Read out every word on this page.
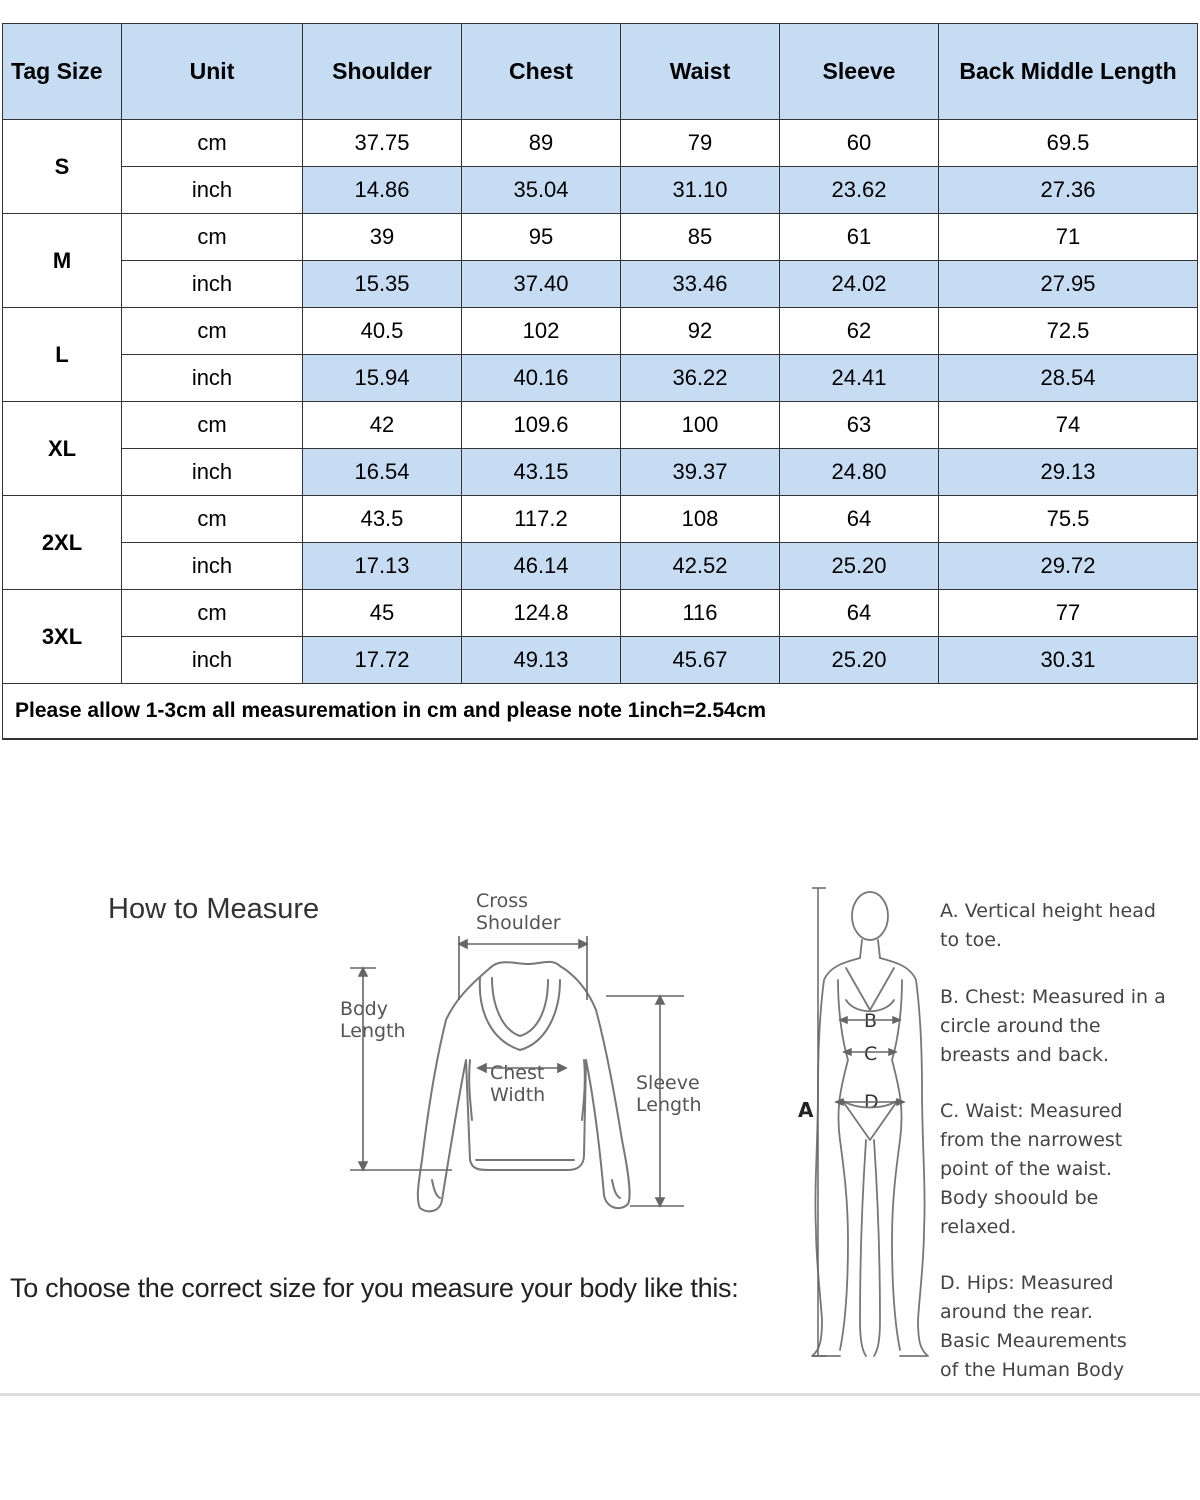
Tag Size	Unit	Shoulder	Chest	Waist	Sleeve	Back Middle Length
S	cm	37.75	89	79	60	69.5
	inch	14.86	35.04	31.10	23.62	27.36
M	cm	39	95	85	61	71
	inch	15.35	37.40	33.46	24.02	27.95
L	cm	40.5	102	92	62	72.5
	inch	15.94	40.16	36.22	24.41	28.54
XL	cm	42	109.6	100	63	74
	inch	16.54	43.15	39.37	24.80	29.13
2XL	cm	43.5	117.2	108	64	75.5
	inch	17.13	46.14	42.52	25.20	29.72
3XL	cm	45	124.8	116	64	77
	inch	17.72	49.13	45.67	25.20	30.31
Please allow 1-3cm all measuremation in cm and please note 1inch=2.54cm						
How to Measure
To choose the correct size for you measure your body like this:
Cross
Shoulder
Body
Length
Chest
Width
Sleeve
Length	A
B
C
D
A. Vertical height head
to toe.
B. Chest: Measured in a
circle around the
breasts and back.
C. Waist: Measured
from the narrowest
point of the waist.
Body shoould be
relaxed.
D. Hips: Measured
around the rear.
Basic Meaurements
of the Human Body
